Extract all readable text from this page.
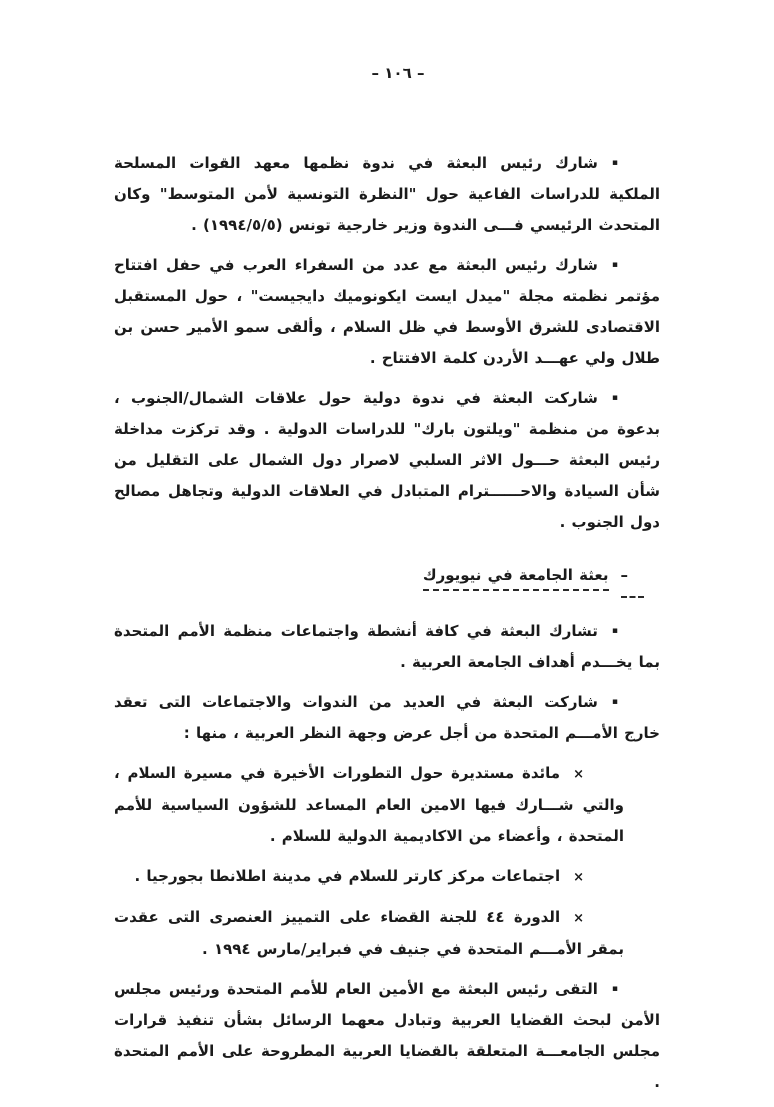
– ١٠٦ –

▪شارك رئيس البعثة في ندوة نظمها معهد القوات المسلحة الملكية للدراسات الفاعية حول "النظرة التونسية لأمن المتوسط" وكان المتحدث الرئيسي فـــى الندوة وزير خارجية تونس (١٩٩٤/٥/٥) .

▪شارك رئيس البعثة مع عدد من السفراء العرب في حفل افتتاح مؤتمر نظمته مجلة "ميدل ايست ايكونوميك دايجيست" ، حول المستقبل الاقتصادى للشرق الأوسط في ظل السلام ، وألقى سمو الأمير حسن بن طلال ولي عهـــد الأردن كلمة الافتتاح .

▪شاركت البعثة في ندوة دولية حول علاقات الشمال/الجنوب ، بدعوة من منظمة "ويلتون بارك" للدراسات الدولية . وقد تركزت مداخلة رئيس البعثة حـــول الاثر السلبي لاصرار دول الشمال على التقليل من شأن السيادة والاحــــــترام المتبادل في العلاقات الدولية وتجاهل مصالح دول الجنوب .

–بعثة الجامعة في نيويورك

▪تشارك البعثة في كافة أنشطة واجتماعات منظمة الأمم المتحدة بما يخـــدم أهداف الجامعة العربية .

▪شاركت البعثة في العديد من الندوات والاجتماعات التى تعقد خارج الأمـــم المتحدة من أجل عرض وجهة النظر العربية ، منها :

×مائدة مستديرة حول التطورات الأخيرة في مسيرة السلام ، والتي شـــارك فيها الامين العام المساعد للشؤون السياسية للأمم المتحدة ، وأعضاء من الاكاديمية الدولية للسلام .

×اجتماعات مركز كارتر للسلام في مدينة اطلانطا بجورجيا .

×الدورة ٤٤ للجنة القضاء على التمييز العنصرى التى عقدت بمقر الأمـــم المتحدة في جنيف في فبراير/مارس ١٩٩٤ .

▪التقى رئيس البعثة مع الأمين العام للأمم المتحدة ورئيس مجلس الأمن لبحث القضايا العربية وتبادل معهما الرسائل بشأن تنفيذ قرارات مجلس الجامعـــة المتعلقة بالقضايا العربية المطروحة على الأمم المتحدة .
